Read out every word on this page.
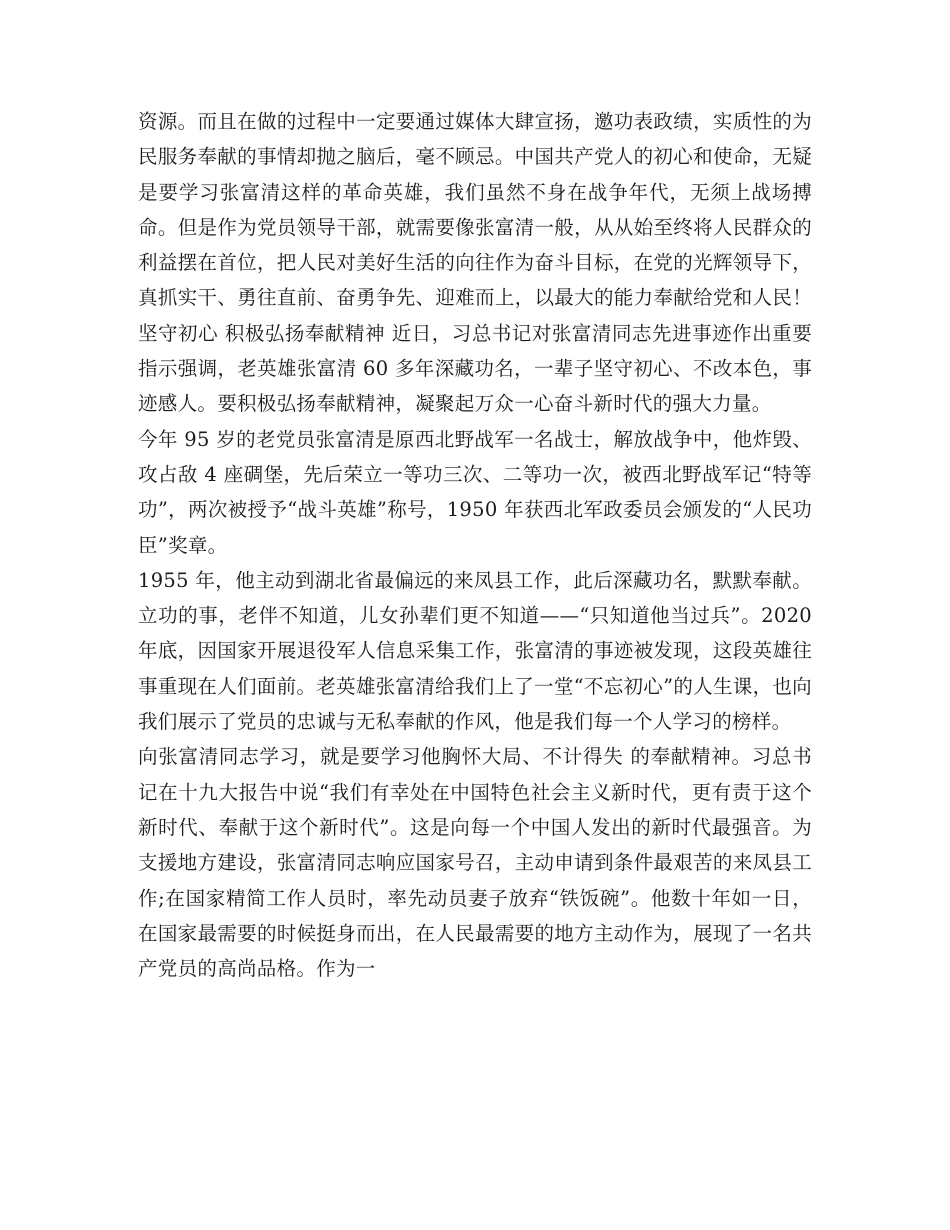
资源。而且在做的过程中一定要通过媒体大肆宣扬，邀功表政绩，实质性的为民服务奉献的事情却抛之脑后，毫不顾忌。中国共产党人的初心和使命，无疑是要学习张富清这样的革命英雄，我们虽然不身在战争年代，无须上战场搏命。但是作为党员领导干部，就需要像张富清一般，从从始至终将人民群众的利益摆在首位，把人民对美好生活的向往作为奋斗目标，在党的光辉领导下，真抓实干、勇往直前、奋勇争先、迎难而上，以最大的能力奉献给党和人民！坚守初心 积极弘扬奉献精神 近日，习总书记对张富清同志先进事迹作出重要指示强调，老英雄张富清 60 多年深藏功名，一辈子坚守初心、不改本色，事迹感人。要积极弘扬奉献精神，凝聚起万众一心奋斗新时代的强大力量。

今年 95 岁的老党员张富清是原西北野战军一名战士，解放战争中，他炸毁、攻占敌 4 座碉堡，先后荣立一等功三次、二等功一次，被西北野战军记“特等功”，两次被授予“战斗英雄”称号，1950 年获西北军政委员会颁发的“人民功臣”奖章。

1955 年，他主动到湖北省最偏远的来凤县工作，此后深藏功名，默默奉献。立功的事，老伴不知道，儿女孙辈们更不知道——“只知道他当过兵”。2020 年底，因国家开展退役军人信息采集工作，张富清的事迹被发现，这段英雄往事重现在人们面前。老英雄张富清给我们上了一堂“不忘初心”的人生课，也向我们展示了党员的忠诚与无私奉献的作风，他是我们每一个人学习的榜样。

向张富清同志学习，就是要学习他胸怀大局、不计得失 的奉献精神。习总书记在十九大报告中说“我们有幸处在中国特色社会主义新时代，更有责于这个新时代、奉献于这个新时代”。这是向每一个中国人发出的新时代最强音。为支援地方建设，张富清同志响应国家号召，主动申请到条件最艰苦的来凤县工作;在国家精简工作人员时，率先动员妻子放弃“铁饭碗”。他数十年如一日，在国家最需要的时候挺身而出，在人民最需要的地方主动作为，展现了一名共产党员的高尚品格。作为一
